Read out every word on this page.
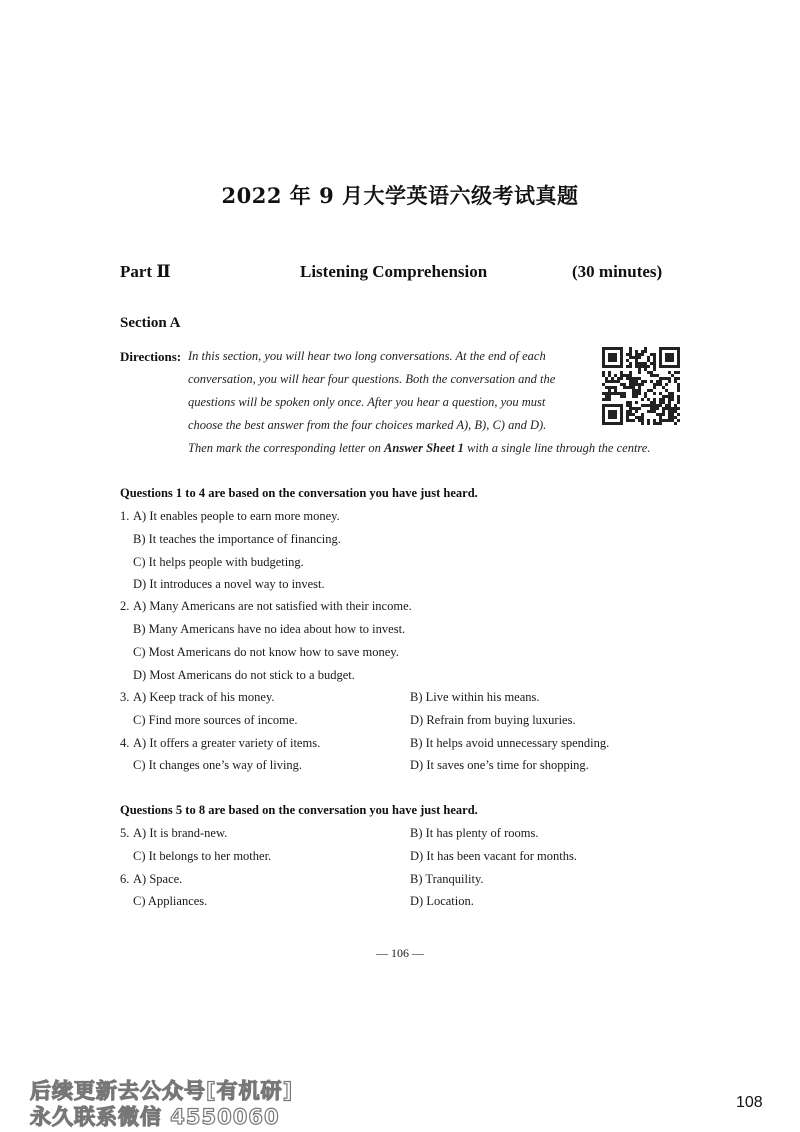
2022 年 9 月大学英语六级考试真题
Part Ⅱ	Listening Comprehension	(30 minutes)
Section A
Directions: In this section, you will hear two long conversations. At the end of each
conversation, you will hear four questions. Both the conversation and the
questions will be spoken only once. After you hear a question, you must
choose the best answer from the four choices marked A), B), C) and D).
Then mark the corresponding letter on Answer Sheet 1 with a single line through the centre.
Questions 1 to 4 are based on the conversation you have just heard.
1. A) It enables people to earn more money.
B) It teaches the importance of financing.
C) It helps people with budgeting.
D) It introduces a novel way to invest.
2. A) Many Americans are not satisfied with their income.
B) Many Americans have no idea about how to invest.
C) Most Americans do not know how to save money.
D) Most Americans do not stick to a budget.
3. A) Keep track of his money.	B) Live within his means.
C) Find more sources of income.	D) Refrain from buying luxuries.
4. A) It offers a greater variety of items.	B) It helps avoid unnecessary spending.
C) It changes one’s way of living.	D) It saves one’s time for shopping.
Questions 5 to 8 are based on the conversation you have just heard.
5. A) It is brand-new.	B) It has plenty of rooms.
C) It belongs to her mother.	D) It has been vacant for months.
6. A) Space.	B) Tranquility.
C) Appliances.	D) Location.
— 106 —
后续更新去公众号[有机研]
永久联系微信 4550060
108
